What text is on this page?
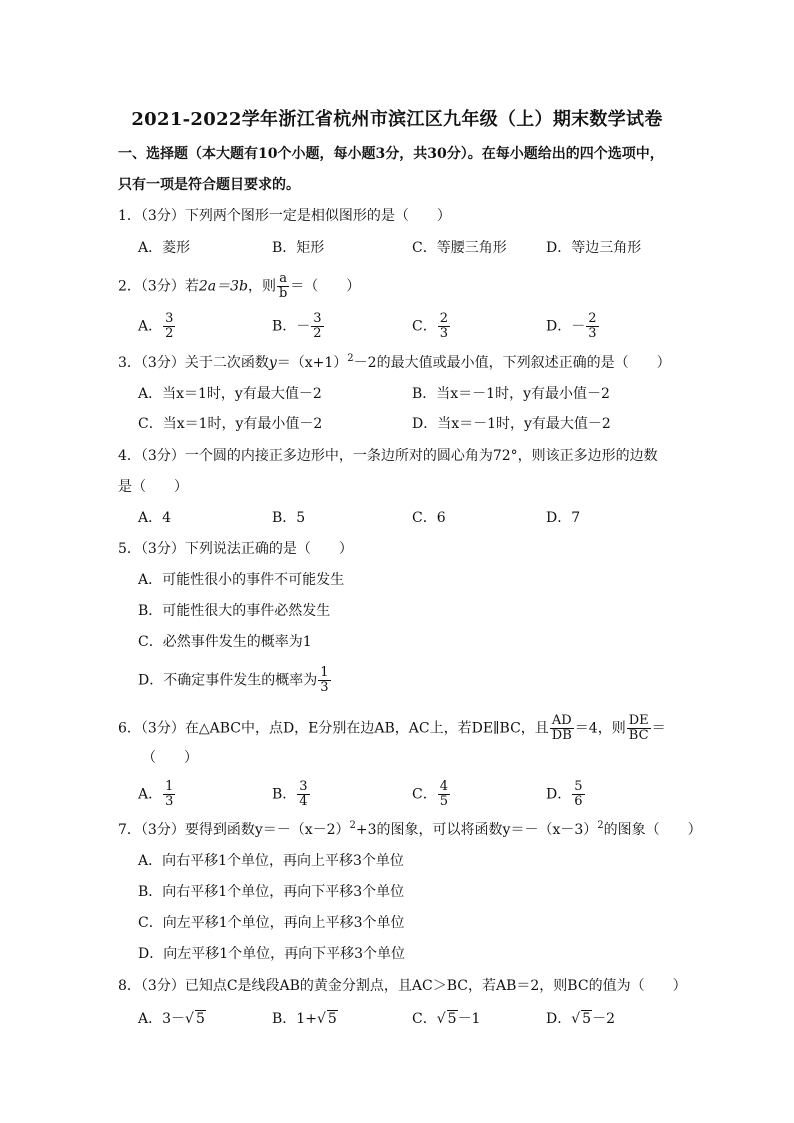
2021-2022学年浙江省杭州市滨江区九年级（上）期末数学试卷
一、选择题（本大题有10个小题，每小题3分，共30分）。在每小题给出的四个选项中，
只有一项是符合题目要求的。
1．（3分）下列两个图形一定是相似图形的是（　　）
A．菱形	B．矩形	C．等腰三角形	D．等边三角形
2．（3分）若2a＝3b，则 $\frac{a}{b}$ ＝（　　）
A． $\frac{3}{2}$	B．－ $\frac{3}{2}$	C． $\frac{2}{3}$	D．－ $\frac{2}{3}$
3．（3分）关于二次函数$y=(x+1)^2-2$的最大值或最小值，下列叙述正确的是（　　）
A．当x＝1时，y有最大值－2	B．当x＝－1时，y有最小值－2
C．当x＝1时，y有最小值－2	D．当x＝－1时，y有最大值－2
4．（3分）一个圆的内接正多边形中，一条边所对的圆心角为72°，则该正多边形的边数
是（　　）
A．4	B．5	C．6	D．7
5．（3分）下列说法正确的是（　　）
A．可能性很小的事件不可能发生
B．可能性很大的事件必然发生
C．必然事件发生的概率为1
D．不确定事件发生的概率为 $\frac{1}{3}$
6．（3分）在△ABC中，点D，E分别在边AB，AC上，若DE∥BC，且 $\frac{AD}{DB} =4$，则 $\frac{DE}{BC}$ ＝
（　　）
A． $\frac{1}{3}$	B． $\frac{3}{4}$	C． $\frac{4}{5}$	D． $\frac{5}{6}$
7．（3分）要得到函数$y=-(x-2)^2+3$的图象，可以将函数$y=-(x-3)^2$的图象（　　）
A．向右平移1个单位，再向上平移3个单位
B．向右平移1个单位，再向下平移3个单位
C．向左平移1个单位，再向上平移3个单位
D．向左平移1个单位，再向下平移3个单位
8．（3分）已知点C是线段AB的黄金分割点，且AC＞BC，若AB＝2，则BC的值为（　　）
A．3－√ 5	B．1+√ 5	C．√ 5－1	D．√ 5－2
